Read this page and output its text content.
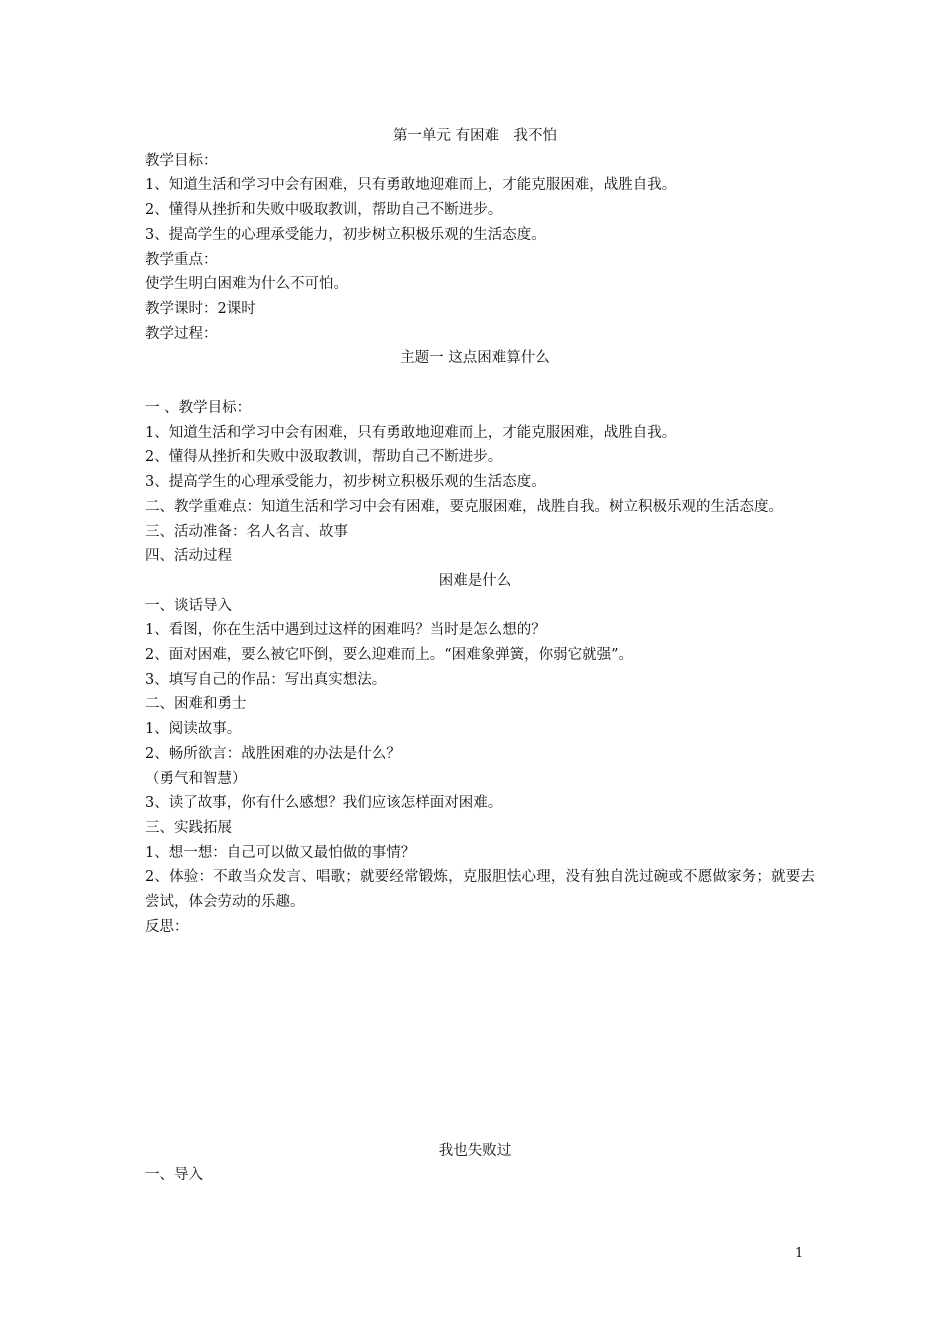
第一单元 有困难　我不怕
教学目标：
1、知道生活和学习中会有困难，只有勇敢地迎难而上，才能克服困难，战胜自我。
2、懂得从挫折和失败中吸取教训，帮助自己不断进步。
3、提高学生的心理承受能力，初步树立积极乐观的生活态度。
教学重点：
使学生明白困难为什么不可怕。
教学课时：2课时
教学过程：
主题一 这点困难算什么
一 、教学目标：
1、知道生活和学习中会有困难，只有勇敢地迎难而上，才能克服困难，战胜自我。
2、懂得从挫折和失败中汲取教训，帮助自己不断进步。
3、提高学生的心理承受能力，初步树立积极乐观的生活态度。
二、教学重难点：知道生活和学习中会有困难，要克服困难，战胜自我。树立积极乐观的生活态度。
三、活动准备：名人名言、故事
四、活动过程
困难是什么
一、谈话导入
1、看图，你在生活中遇到过这样的困难吗？当时是怎么想的？
2、面对困难，要么被它吓倒，要么迎难而上。“困难象弹簧，你弱它就强”。
3、填写自己的作品：写出真实想法。
二、困难和勇士
1、阅读故事。
2、畅所欲言：战胜困难的办法是什么？
（勇气和智慧）
3、读了故事，你有什么感想？我们应该怎样面对困难。
三、实践拓展
1、想一想：自己可以做又最怕做的事情？
2、体验：不敢当众发言、唱歌；就要经常锻炼，克服胆怯心理，没有独自洗过碗或不愿做家务；就要去尝试，体会劳动的乐趣。
反思：
我也失败过
一、导入
1
